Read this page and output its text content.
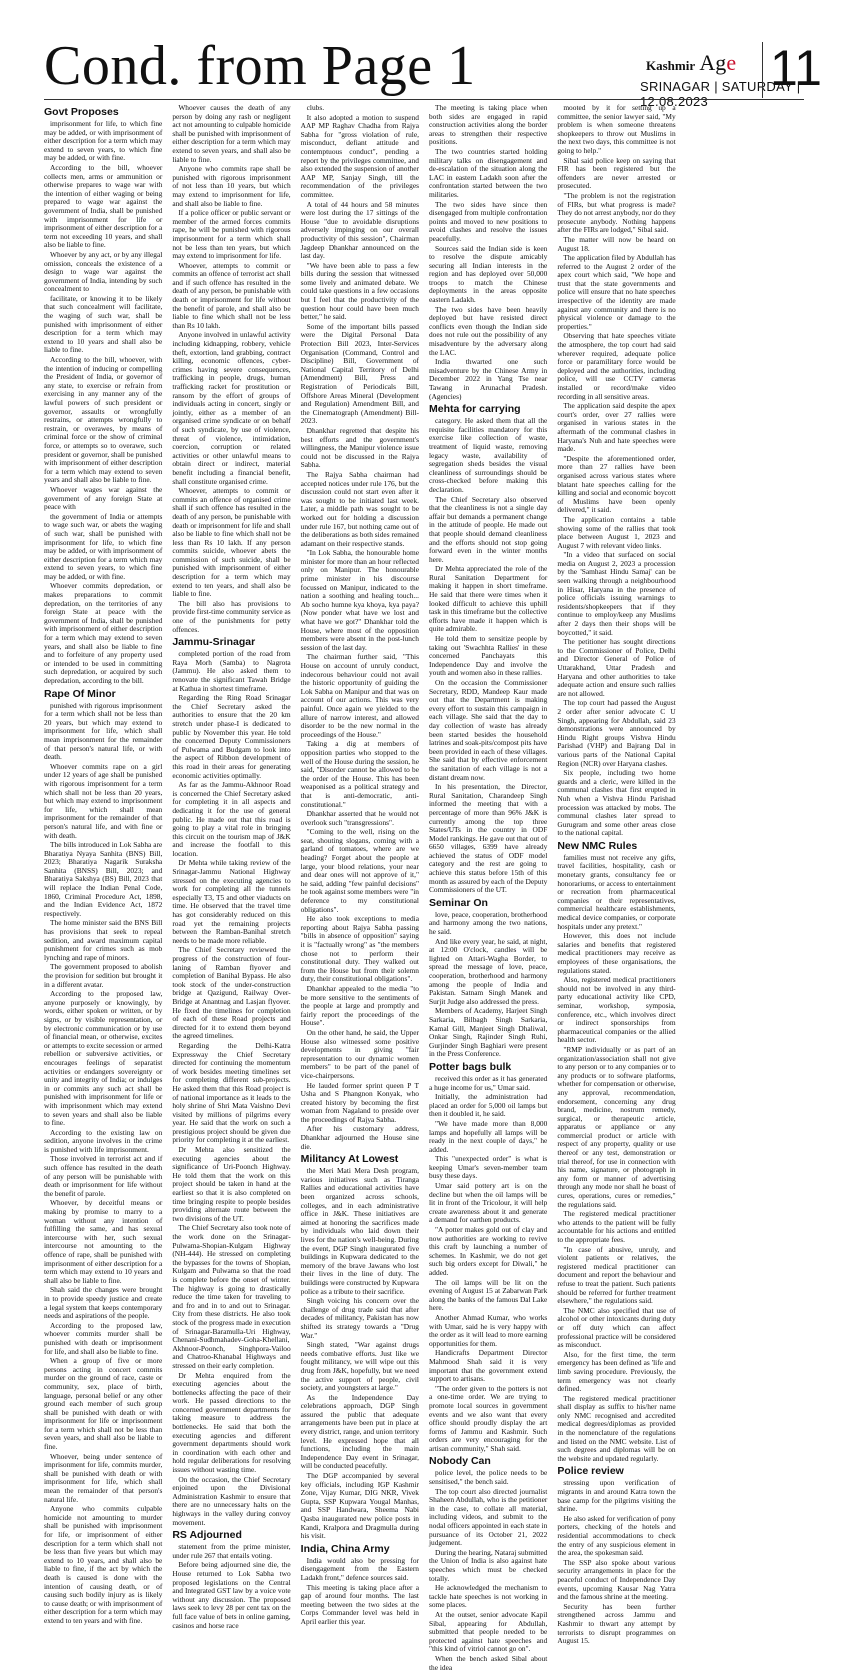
Cond. from Page 1	Kashmir Age
SRINAGAR | SATURDAY | 12.08.2023
11
Govt Proposes

imprisonment for life, to which fine may be added, or with imprisonment of either description for a term which may extend to seven years, to which fine may be added, or with fine.

According to the bill, whoever collects men, arms or ammunition or otherwise prepares to wage war with the intention of either waging or being prepared to wage war against the government of India, shall be punished with imprisonment for life or imprisonment of either description for a term not exceeding 10 years, and shall also be liable to fine.

Whoever by any act, or by any illegal omission, conceals the existence of a design to wage war against the government of India, intending by such concealment to

facilitate, or knowing it to be likely that such concealment will facilitate, the waging of such war, shall be punished with imprisonment of either description for a term which may extend to 10 years and shall also be liable to fine.

According to the bill, whoever, with the intention of inducing or compelling the President of India, or governor of any state, to exercise or refrain from exercising in any manner any of the lawful powers of such president or governor, assaults or wrongfully restrains, or attempts wrongfully to restrain, or overawes, by means of criminal force or the show of criminal force, or attempts so to overawe, such president or governor, shall be punished with imprisonment of either description for a term which may extend to seven years and shall also be liable to fine.

Whoever wages war against the government of any foreign State at peace with

the government of India or attempts to wage such war, or abets the waging of such war, shall be punished with imprisonment for life, to which fine may be added, or with imprisonment of either description for a term which may extend to seven years, to which fine may be added, or with fine.

Whoever commits depredation, or makes preparations to commit depredation, on the territories of any foreign State at peace with the government of India, shall be punished with imprisonment of either description for a term which may extend to seven years, and shall also be liable to fine and to forfeiture of any property used or intended to be used in committing such depredation, or acquired by such depredation, according to the bill.

Rape Of Minor

punished with rigorous imprisonment for a term which shall not be less than 20 years, but which may extend to imprisonment for life, which shall mean imprisonment for the remainder of that person's natural life, or with death.

Whoever commits rape on a girl under 12 years of age shall be punished with rigorous imprisonment for a term which shall not be less than 20 years, but which may extend to imprisonment for life, which shall mean imprisonment for the remainder of that person's natural life, and with fine or with death.

The bills introduced in Lok Sabha are Bharatiya Nyaya Sanhita (BNS) Bill, 2023; Bharatiya Nagarik Suraksha Sanhita (BNSS) Bill, 2023; and Bharatiya Sakshya (BS) Bill, 2023 that will replace the Indian Penal Code, 1860, Criminal Procedure Act, 1898, and the Indian Evidence Act, 1872 respectively.

The home minister said the BNS Bill has provisions that seek to repeal sedition, and award maximum capital punishment for crimes such as mob lynching and rape of minors.

The government proposed to abolish the provision for sedition but brought it in a different avatar.

According to the proposed law, anyone purposely or knowingly, by words, either spoken or written, or by signs, or by visible representation, or by electronic communication or by use of financial mean, or otherwise, excites or attempts to excite secession or armed rebellion or subversive activities, or encourages feelings of separatist activities or endangers sovereignty or unity and integrity of India; or indulges in or commits any such act shall be punished with imprisonment for life or with imprisonment which may extend to seven years and shall also be liable to fine.

According to the existing law on sedition, anyone involves in the crime is punished with life imprisonment.

Those involved in terrorist act and if such offence has resulted in the death of any person will be punishable with death or imprisonment for life without the benefit of parole.

Whoever, by deceitful means or making by promise to marry to a woman without any intention of fulfilling the same, and has sexual intercourse with her, such sexual intercourse not amounting to the offence of rape, shall be punished with imprisonment of either description for a term which may extend to 10 years and shall also be liable to fine.

Shah said the changes were brought in to provide speedy justice and create a legal system that keeps contemporary needs and aspirations of the people.

According to the proposed law, whoever commits murder shall be punished with death or imprisonment for life, and shall also be liable to fine.

When a group of five or more persons acting in concert commits murder on the ground of race, caste or community, sex, place of birth, language, personal belief or any other ground each member of such group shall be punished with death or with imprisonment for life or imprisonment for a term which shall not be less than seven years, and shall also be liable to fine.

Whoever, being under sentence of imprisonment for life, commits murder, shall be punished with death or with imprisonment for life, which shall mean the remainder of that person's natural life.

Anyone who commits culpable homicide not amounting to murder shall be punished with imprisonment for life, or imprisonment of either description for a term which shall not be less than five years but which may extend to 10 years, and shall also be liable to fine, if the act by which the death is caused is done with the intention of causing death, or of causing such bodily injury as is likely to cause death; or with imprisonment of either description for a term which may extend to ten years and with fine.

Whoever causes the death of any person by doing any rash or negligent act not amounting to culpable homicide shall be punished with imprisonment of either description for a term which may extend to seven years, and shall also be liable to fine.

Anyone who commits rape shall be punished with rigorous imprisonment of not less than 10 years, but which may extend to imprisonment for life, and shall also be liable to fine.

If a police officer or public servant or member of the armed forces commits rape, he will be punished with rigorous imprisonment for a term which shall not be less than ten years, but which may extend to imprisonment for life.

Whoever, attempts to commit or commits an offence of terrorist act shall and if such offence has resulted in the death of any person, be punishable with death or imprisonment for life without the benefit of parole, and shall also be liable to fine which shall not be less than Rs 10 lakh.

Anyone involved in unlawful activity including kidnapping, robbery, vehicle theft, extortion, land grabbing, contract killing, economic offences, cyber-crimes having severe consequences, trafficking in people, drugs, human trafficking racket for prostitution or ransom by the effort of groups of individuals acting in concert, singly or jointly, either as a member of an organised crime syndicate or on behalf of such syndicate, by use of violence, threat of violence, intimidation, coercion, corruption or related activities or other unlawful means to obtain direct or indirect, material benefit including a financial benefit, shall constitute organised crime.

Whoever, attempts to commit or commits an offence of organised crime shall if such offence has resulted in the death of any person, be punishable with death or imprisonment for life and shall also be liable to fine which shall not be less than Rs 10 lakh. If any person commits suicide, whoever abets the commission of such suicide, shall be punished with imprisonment of either description for a term which may extend to ten years, and shall also be liable to fine.

The bill also has provisions to provide first-time community service as one of the punishments for petty offences.

Jammu-Srinagar

completed portion of the road from Raya Morh (Samba) to Nagrota (Jammu). He also asked them to renovate the significant Tawah Bridge at Kathua in shortest timeframe.

Regarding the Ring Road Srinagar the Chief Secretary asked the authorities to ensure that the 20 km stretch under phase-I is dedicated to public by November this year. He told the concerned Deputy Commissioners of Pulwama and Budgam to look into the aspect of Ribbon development of this road in their areas for generating economic activities optimally.

As far as the Jammu-Akhnoor Road is concerned the Chief Secretary asked for completing it in all aspects and dedicating it for the use of general public. He made out that this road is going to play a vital role in bringing this circuit on the tourism map of J&K and increase the footfall to this location.

Dr Mehta while taking review of the Srinagar-Jammu National Highway stressed on the executing agencies to work for completing all the tunnels especially T3, T5 and other viaducts on time. He observed that the travel time has got considerably reduced on this road yet the remaining projects between the Ramban-Banihal stretch needs to be made more reliable.

The Chief Secretary reviewed the progress of the construction of four-laning of Ramban flyover and completion of Banihal Bypass. He also took stock of the under-construction bridge at Qazigund, Railway Over-Bridge at Anantnag and Lasjan flyover. He fixed the timelines for completion of each of these Road projects and directed for it to extend them beyond the agreed timelines.

Regarding the Delhi-Katra Expressway the Chief Secretary directed for continuing the momentum of work besides meeting timelines set for completing different sub-projects. He asked them that this Road project is of national importance as it leads to the holy shrine of Shri Mata Vaishno Devi visited by millions of pilgrims every year. He said that the work on such a prestigious project should be given due priority for completing it at the earliest.

Dr Mehta also sensitized the executing agencies about the significance of Uri-Poonch Highway. He told them that the work on this project should be taken in hand at the earliest so that it is also completed on time bringing respite to people besides providing alternate route between the two divisions of the UT.

The Chief Secretary also took note of the work done on the Srinagar-Pulwama-Shopian-Kulgam Highway (NH-444). He stressed on completing the bypasses for the towns of Shopian, Kulgam and Pulwama so that the road is complete before the onset of winter. The highway is going to drastically reduce the time taken for traveling to and fro and in to and out to Srinagar. City from these districts. He also took stock of the progress made in execution of Srinagar-Baramulla-Uri Highway, Chenani-Sudhmahadev-Goha-Khellani, Akhnoor-Poonch, Singhpora-Vailoo and Chatroo-Khanabal Highways and stressed on their early completion.

Dr Mehta enquired from the executing agencies about the bottlenecks affecting the pace of their work. He passed directions to the concerned government departments for taking measure to address the bottlenecks. He said that both the executing agencies and different government departments should work in coordination with each other and hold regular deliberations for resolving issues without wasting time.

On the occasion, the Chief Secretary enjoined upon the Divisional Administration Kashmir to ensure that there are no unnecessary halts on the highways in the valley during convoy movement.

RS Adjourned

statement from the prime minister, under rule 267 that entails voting.

Before being adjourned sine die, the House returned to Lok Sabha two proposed legislations on the Central and Integrated GST law by a voice vote without any discussion. The proposed laws seek to levy 28 per cent tax on the full face value of bets in online gaming, casinos and horse race

clubs.

It also adopted a motion to suspend AAP MP Raghav Chadha from Rajya Sabha for "gross violation of rule, misconduct, defiant attitude and contemptuous conduct", pending a report by the privileges committee, and also extended the suspension of another AAP MP, Sanjay Singh, till the recommendation of the privileges committee.

A total of 44 hours and 58 minutes were lost during the 17 sittings of the House "due to avoidable disruptions adversely impinging on our overall productivity of this session", Chairman Jagdeep Dhankhar announced on the last day.

"We have been able to pass a few bills during the session that witnessed some lively and animated debate. We could take questions in a few occasions but I feel that the productivity of the question hour could have been much better," he said.

Some of the important bills passed were the Digital Personal Data Protection Bill 2023, Inter-Services Organisation (Command, Control and Discipline) Bill, Government of National Capital Territory of Delhi (Amendment) Bill, Press and Registration of Periodicals Bill, Offshore Areas Mineral (Development and Regulation) Amendment Bill, and the Cinematograph (Amendment) Bill-2023.

Dhankhar regretted that despite his best efforts and the government's willingness, the Manipur violence issue could not be discussed in the Rajya Sabha.

The Rajya Sabha chairman had accepted notices under rule 176, but the discussion could not start even after it was sought to be initiated last week. Later, a middle path was sought to be worked out for holding a discussion under rule 167, but nothing came out of the deliberations as both sides remained adamant on their respective stands.

"In Lok Sabha, the honourable home minister for more than an hour reflected only on Manipur. The honourable prime minister in his discourse focussed on Manipur, indicated to the nation a soothing and healing touch... Ab socho humne kya khoya, kya paya? (Now ponder what have we lost and what have we got?" Dhankhar told the House, where most of the opposition members were absent in the post-lunch session of the last day.

The chairman further said, "This House on account of unruly conduct, indecorous behaviour could not avail the historic opportunity of guiding the Lok Sabha on Manipur and that was on account of our actions. This was very painful. Once again we yielded to the allure of narrow interest, and allowed disorder to be the new normal in the proceedings of the House."

Taking a dig at members of opposition parties who stopped to the well of the House during the session, he said, "Disorder cannot be allowed to be the order of the House. This has been weaponised as a political strategy and that is anti-democratic, anti-constitutional."

Dhankhar asserted that he would not overlook such "transgressions".

"Coming to the well, rising on the seat, shouting slogans, coming with a garland of tomatoes, where are we heading? Forget about the people at large, your blood relations, your near and dear ones will not approve of it," he said, adding "few painful decisions" he took against some members were "in deference to my constitutional obligations".

He also took exceptions to media reporting about Rajya Sabha passing "bills in absence of opposition" saying it is "factually wrong" as "the members chose not to perform their constitutional duty. They walked out from the House but from their solemn duty, their constitutional obligations".

Dhankhar appealed to the media "to be more sensitive to the sentiments of the people at large and promptly and fairly report the proceedings of the House".

On the other hand, he said, the Upper House also witnessed some positive developments in giving "fair representation to our dynamic women members" to be part of the panel of vice-chairpersons.

He lauded former sprint queen P T Usha and S Phangnon Konyak, who created history by becoming the first woman from Nagaland to preside over the proceedings of Rajya Sabha.

After his customary address, Dhankhar adjourned the House sine die.

Militancy At Lowest

the Meri Mati Mera Desh program, various initiatives such as Tiranga Rallies and educational activities have been organized across schools, colleges, and in each administrative office in J&K. These initiatives are aimed at honoring the sacrifices made by individuals who laid down their lives for the nation's well-being. During the event, DGP Singh inaugurated five buildings in Kupwara dedicated to the memory of the brave Jawans who lost their lives in the line of duty. The buildings were constructed by Kupwara police as a tribute to their sacrifice.

Singh voicing his concern over the challenge of drug trade said that after decades of militancy, Pakistan has now shifted its strategy towards a "Drug War."

Singh stated, "War against drugs needs combative efforts. Just like we fought militancy, we will wipe out this drug from J&K, hopefully, but we need the active support of people, civil society, and youngsters at large."

As the Independence Day celebrations approach, DGP Singh assured the public that adequate arrangements have been put in place at every district, range, and union territory level. He expressed hope that all functions, including the main Independence Day event in Srinagar, will be conducted peacefully.

The DGP accompanied by several key officials, including IGP Kashmir Zone, Vijay Kumar, DIG NKR, Vivek Gupta, SSP Kupwara Yougal Manhas, and SSP Handwara, Sheema Nabi Qasba inaugurated new police posts in Kandi, Kralpora and Dragmulla during his visit.

India, China Army

India would also be pressing for disengagement from the Eastern Ladakh front," defence sources said.

This meeting is taking place after a gap of around four months. The last meeting between the two sides at the Corps Commander level was held in April earlier this year.

The meeting is taking place when both sides are engaged in rapid construction activities along the border areas to strengthen their respective positions.

The two countries started holding military talks on disengagement and de-escalation of the situation along the LAC in eastern Ladakh soon after the confrontation started between the two militaries.

The two sides have since then disengaged from multiple confrontation points and moved to new positions to avoid clashes and resolve the issues peacefully.

Sources said the Indian side is keen to resolve the dispute amicably securing all Indian interests in the region and has deployed over 50,000 troops to match the Chinese deployments in the areas opposite eastern Ladakh.

The two sides have been heavily deployed but have resisted direct conflicts even though the Indian side does not rule out the possibility of any misadventure by the adversary along the LAC.

India thwarted one such misadventure by the Chinese Army in December 2022 in Yang Tse near Tawang in Arunachal Pradesh. (Agencies)

Mehta for carrying

category. He asked them that all the requisite facilities mandatory for this exercise like collection of waste, treatment of liquid waste, removing legacy waste, availability of segregation sheds besides the visual cleanliness of surroundings should be cross-checked before making this declaration.

The Chief Secretary also observed that the cleanliness is not a single day affair but demands a permanent change in the attitude of people. He made out that people should demand cleanliness and the efforts should not stop going forward even in the winter months here.

Dr Mehta appreciated the role of the Rural Sanitation Department for making it happen in short timeframe. He said that there were times when it looked difficult to achieve this uphill task in this timeframe but the collective efforts have made it happen which is quite admirable.

He told them to sensitize people by taking out 'Swachhta Rallies' in these concerned Panchayats this Independence Day and involve the youth and women also in these rallies.

On the occasion the Commissioner Secretary, RDD, Mandeep Kaur made out that the Department is making every effort to sustain this campaign in each village. She said that the day to day collection of waste has already been started besides the household latrines and soak-pits/compost pits have been provided in each of these villages. She said that by effective enforcement the sanitation of each village is not a distant dream now.

In his presentation, the Director, Rural Sanitation, Charandeep Singh informed the meeting that with a percentage of more than 96% J&K is currently among the top three States/UTs in the country in ODF Model rankings. He gave out that out of 6650 villages, 6399 have already achieved the status of ODF model category and the rest are going to achieve this status before 15th of this month as assured by each of the Deputy Commissioners of the UT.

Seminar On

love, peace, cooperation, brotherhood and harmony among the two nations, he said.

And like every year, he said, at night, at 12:00 O'clock, candles will be lighted on Attari-Wagha Border, to spread the message of love, peace, cooperation, brotherhood and harmony among the people of India and Pakistan. Satnam Singh Manek and Surjit Judge also addressed the press.

Members of Academy, Harjeet Singh Sarkaria, Bilbagh Singh Sarkaria, Kamal Gill, Manjeet Singh Dhaliwal, Onkar Singh, Rajinder Singh Ruhi, Gurjinder Singh Baghiari were present in the Press Conference.

Potter bags bulk

received this order as it has generated a huge income for us," Umar said.

Initially, the administration had placed an order for 5,000 oil lamps but then it doubled it, he said.

"We have made more than 8,000 lamps and hopefully all lamps will be ready in the next couple of days," he added.

This "unexpected order" is what is keeping Umar's seven-member team busy these days.

Umar said pottery art is on the decline but when the oil lamps will be lit in front of the Tricolour, it will help create awareness about it and generate a demand for earthen products.

"A potter makes gold out of clay and now authorities are working to revive this craft by launching a number of schemes. In Kashmir, we do not get such big orders except for Diwali," he added.

The oil lamps will be lit on the evening of August 15 at Zabarwan Park along the banks of the famous Dal Lake here.

Another Ahmad Kumar, who works with Umar, said he is very happy with the order as it will lead to more earning opportunities for them.

Handicrafts Department Director Mahmood Shah said it is very important that the government extend support to artisans.

"The order given to the potters is not a one-time order. We are trying to promote local sources in government events and we also want that every office should proudly display the art forms of Jammu and Kashmir. Such orders are very encouraging for the artisan community," Shah said.

Nobody Can

police level, the police needs to be sensitised," the bench said.

The top court also directed journalist Shaheen Abdullah, who is the petitioner in the case, to collate all material, including videos, and submit to the nodal officers appointed in each state in pursuance of its October 21, 2022 judgement.

During the hearing, Nataraj submitted the Union of India is also against hate speeches which must be checked totally.

He acknowledged the mechanism to tackle hate speeches is not working in some places.

At the outset, senior advocate Kapil Sibal, appearing for Abdullah, submitted that people needed to be protected against hate speeches and "this kind of vitriol cannot go on".

When the bench asked Sibal about the idea

mooted by it for setting up a committee, the senior lawyer said, "My problem is when someone threatens shopkeepers to throw out Muslims in the next two days, this committee is not going to help."

Sibal said police keep on saying that FIR has been registered but the offenders are never arrested or prosecuted.

"The problem is not the registration of FIRs, but what progress is made? They do not arrest anybody, nor do they prosecute anybody. Nothing happens after the FIRs are lodged," Sibal said.

The matter will now be heard on August 18.

The application filed by Abdullah has referred to the August 2 order of the apex court which said, "We hope and trust that the state governments and police will ensure that no hate speeches irrespective of the identity are made against any community and there is no physical violence or damage to the properties."

Observing that hate speeches vitiate the atmosphere, the top court had said wherever required, adequate police force or paramilitary force would be deployed and the authorities, including police, will use CCTV cameras installed or record/make video recording in all sensitive areas.

The application said despite the apex court's order, over 27 rallies were organised in various states in the aftermath of the communal clashes in Haryana's Nuh and hate speeches were made.

"Despite the aforementioned order, more than 27 rallies have been organised across various states where blatant hate speeches calling for the killing and social and economic boycott of Muslims have been openly delivered," it said.

The application contains a table showing some of the rallies that took place between August 1, 2023 and August 7 with relevant video links.

"In a video that surfaced on social media on August 2, 2023 a procession by the 'Samhast Hindu Samaj' can be seen walking through a neighbourhood in Hisar, Haryana in the presence of police officials issuing warnings to residents/shopkeepers that if they continue to employ/keep any Muslims after 2 days then their shops will be boycotted," it said.

The petitioner has sought directions to the Commissioner of Police, Delhi and Director General of Police of Uttarakhand, Uttar Pradesh and Haryana and other authorities to take adequate action and ensure such rallies are not allowed.

The top court had passed the August 2 order after senior advocate C U Singh, appearing for Abdullah, said 23 demonstrations were announced by Hindu Right groups Vishva Hindu Parishad (VHP) and Bajrang Dal in various parts of the National Capital Region (NCR) over Haryana clashes.

Six people, including two home guards and a cleric, were killed in the communal clashes that first erupted in Nuh when a Vishva Hindu Parishad procession was attacked by mobs. The communal clashes later spread to Gurugram and some other areas close to the national capital.

New NMC Rules

families must not receive any gifts, travel facilities, hospitality, cash or monetary grants, consultancy fee or honorariums, or access to entertainment or recreation from pharmaceutical companies or their representatives, commercial healthcare establishments, medical device companies, or corporate hospitals under any pretext."

However, this does not include salaries and benefits that registered medical practitioners may receive as employees of these organisations, the regulations stated.

Also, registered medical practitioners should not be involved in any third-party educational activity like CPD, seminar, workshop, symposia, conference, etc., which involves direct or indirect sponsorships from pharmaceutical companies or the allied health sector.

"RMP individually or as part of an organization/association shall not give to any person or to any companies or to any products or to software platforms, whether for compensation or otherwise, any approval, recommendation, endorsement, concerning any drug brand, medicine, nostrum remedy, surgical, or therapeutic article, apparatus or appliance or any commercial product or article with respect of any property, quality or use thereof or any test, demonstration or trial thereof, for use in connection with his name, signature, or photograph in any form or manner of advertising through any mode nor shall he boast of cures, operations, cures or remedies," the regulations said.

The registered medical practitioner who attends to the patient will be fully accountable for his actions and entitled to the appropriate fees.

"In case of abusive, unruly, and violent patients or relatives, the registered medical practitioner can document and report the behaviour and refuse to treat the patient. Such patients should be referred for further treatment elsewhere," the regulations said.

The NMC also specified that use of alcohol or other intoxicants during duty or off duty which can affect professional practice will be considered as misconduct.

Also, for the first time, the term emergency has been defined as 'life and limb saving procedure. Previously, the term emergency was not clearly defined.

The registered medical practitioner shall display as suffix to his/her name only NMC recognised and accredited medical degrees/diplomas as provided in the nomenclature of the regulations and listed on the NMC website. List of such degrees and diplomas will be on the website and updated regularly.

Police review

stressing upon verification of migrants in and around Katra town the base camp for the pilgrims visiting the shrine.

He also asked for verification of pony porters, checking of the hotels and residential accommodations to check the entry of any suspicious element in the area, the spokesman said.

The SSP also spoke about various security arrangements in place for the peaceful conduct of Independence Day events, upcoming Kausar Nag Yatra and the famous shrine at the meeting.

Security has been further strengthened across Jammu and Kashmir to thwart any attempt by terrorists to disrupt programmes on August 15.
